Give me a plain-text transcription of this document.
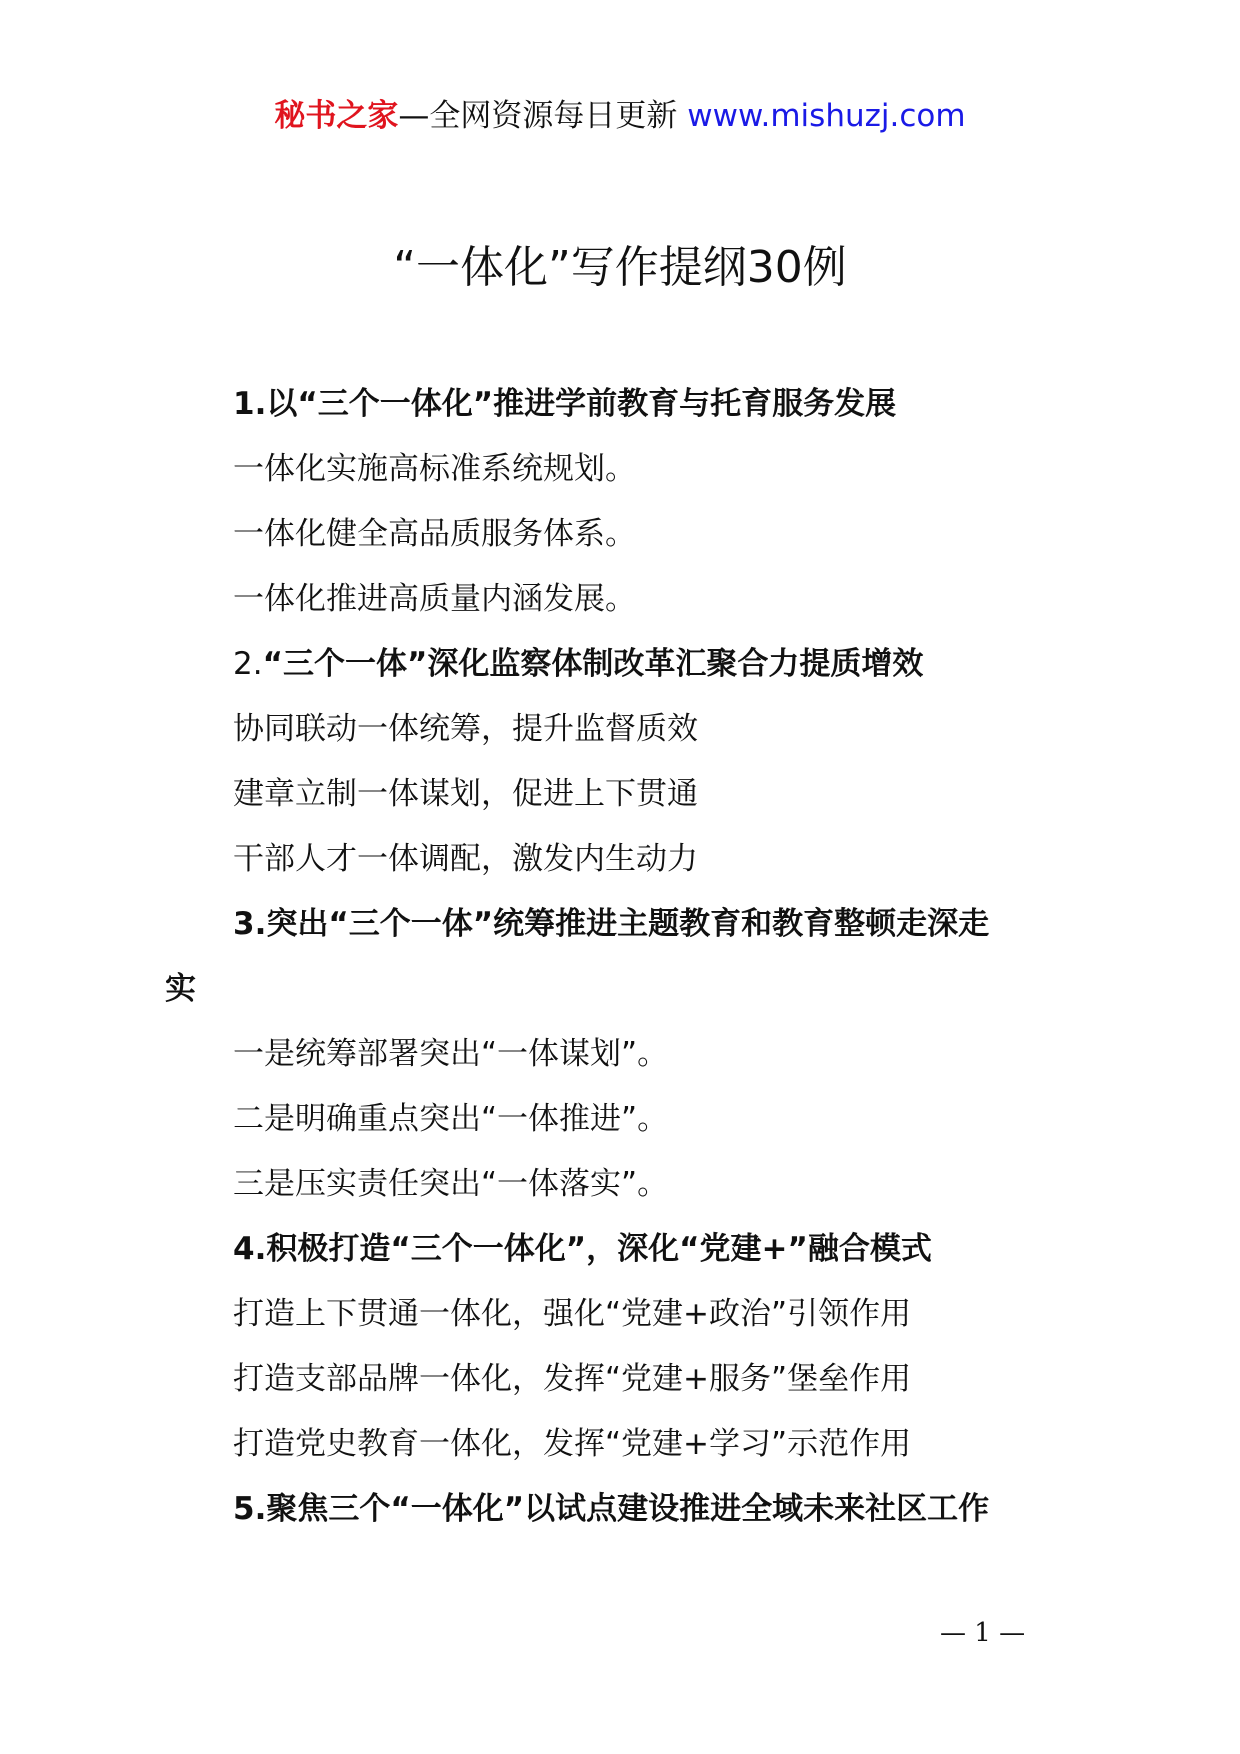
秘书之家—全网资源每日更新 www.mishuzj.com
“一体化”写作提纲30例
1.以“三个一体化”推进学前教育与托育服务发展
一体化实施高标准系统规划。
一体化健全高品质服务体系。
一体化推进高质量内涵发展。
2.“三个一体”深化监察体制改革汇聚合力提质增效
协同联动一体统筹，提升监督质效
建章立制一体谋划，促进上下贯通
干部人才一体调配，激发内生动力
3.突出“三个一体”统筹推进主题教育和教育整顿走深走
实
一是统筹部署突出“一体谋划”。
二是明确重点突出“一体推进”。
三是压实责任突出“一体落实”。
4.积极打造“三个一体化”，深化“党建+”融合模式
打造上下贯通一体化，强化“党建+政治”引领作用
打造支部品牌一体化，发挥“党建+服务”堡垒作用
打造党史教育一体化，发挥“党建+学习”示范作用
5.聚焦三个“一体化”以试点建设推进全域未来社区工作
— 1 —
